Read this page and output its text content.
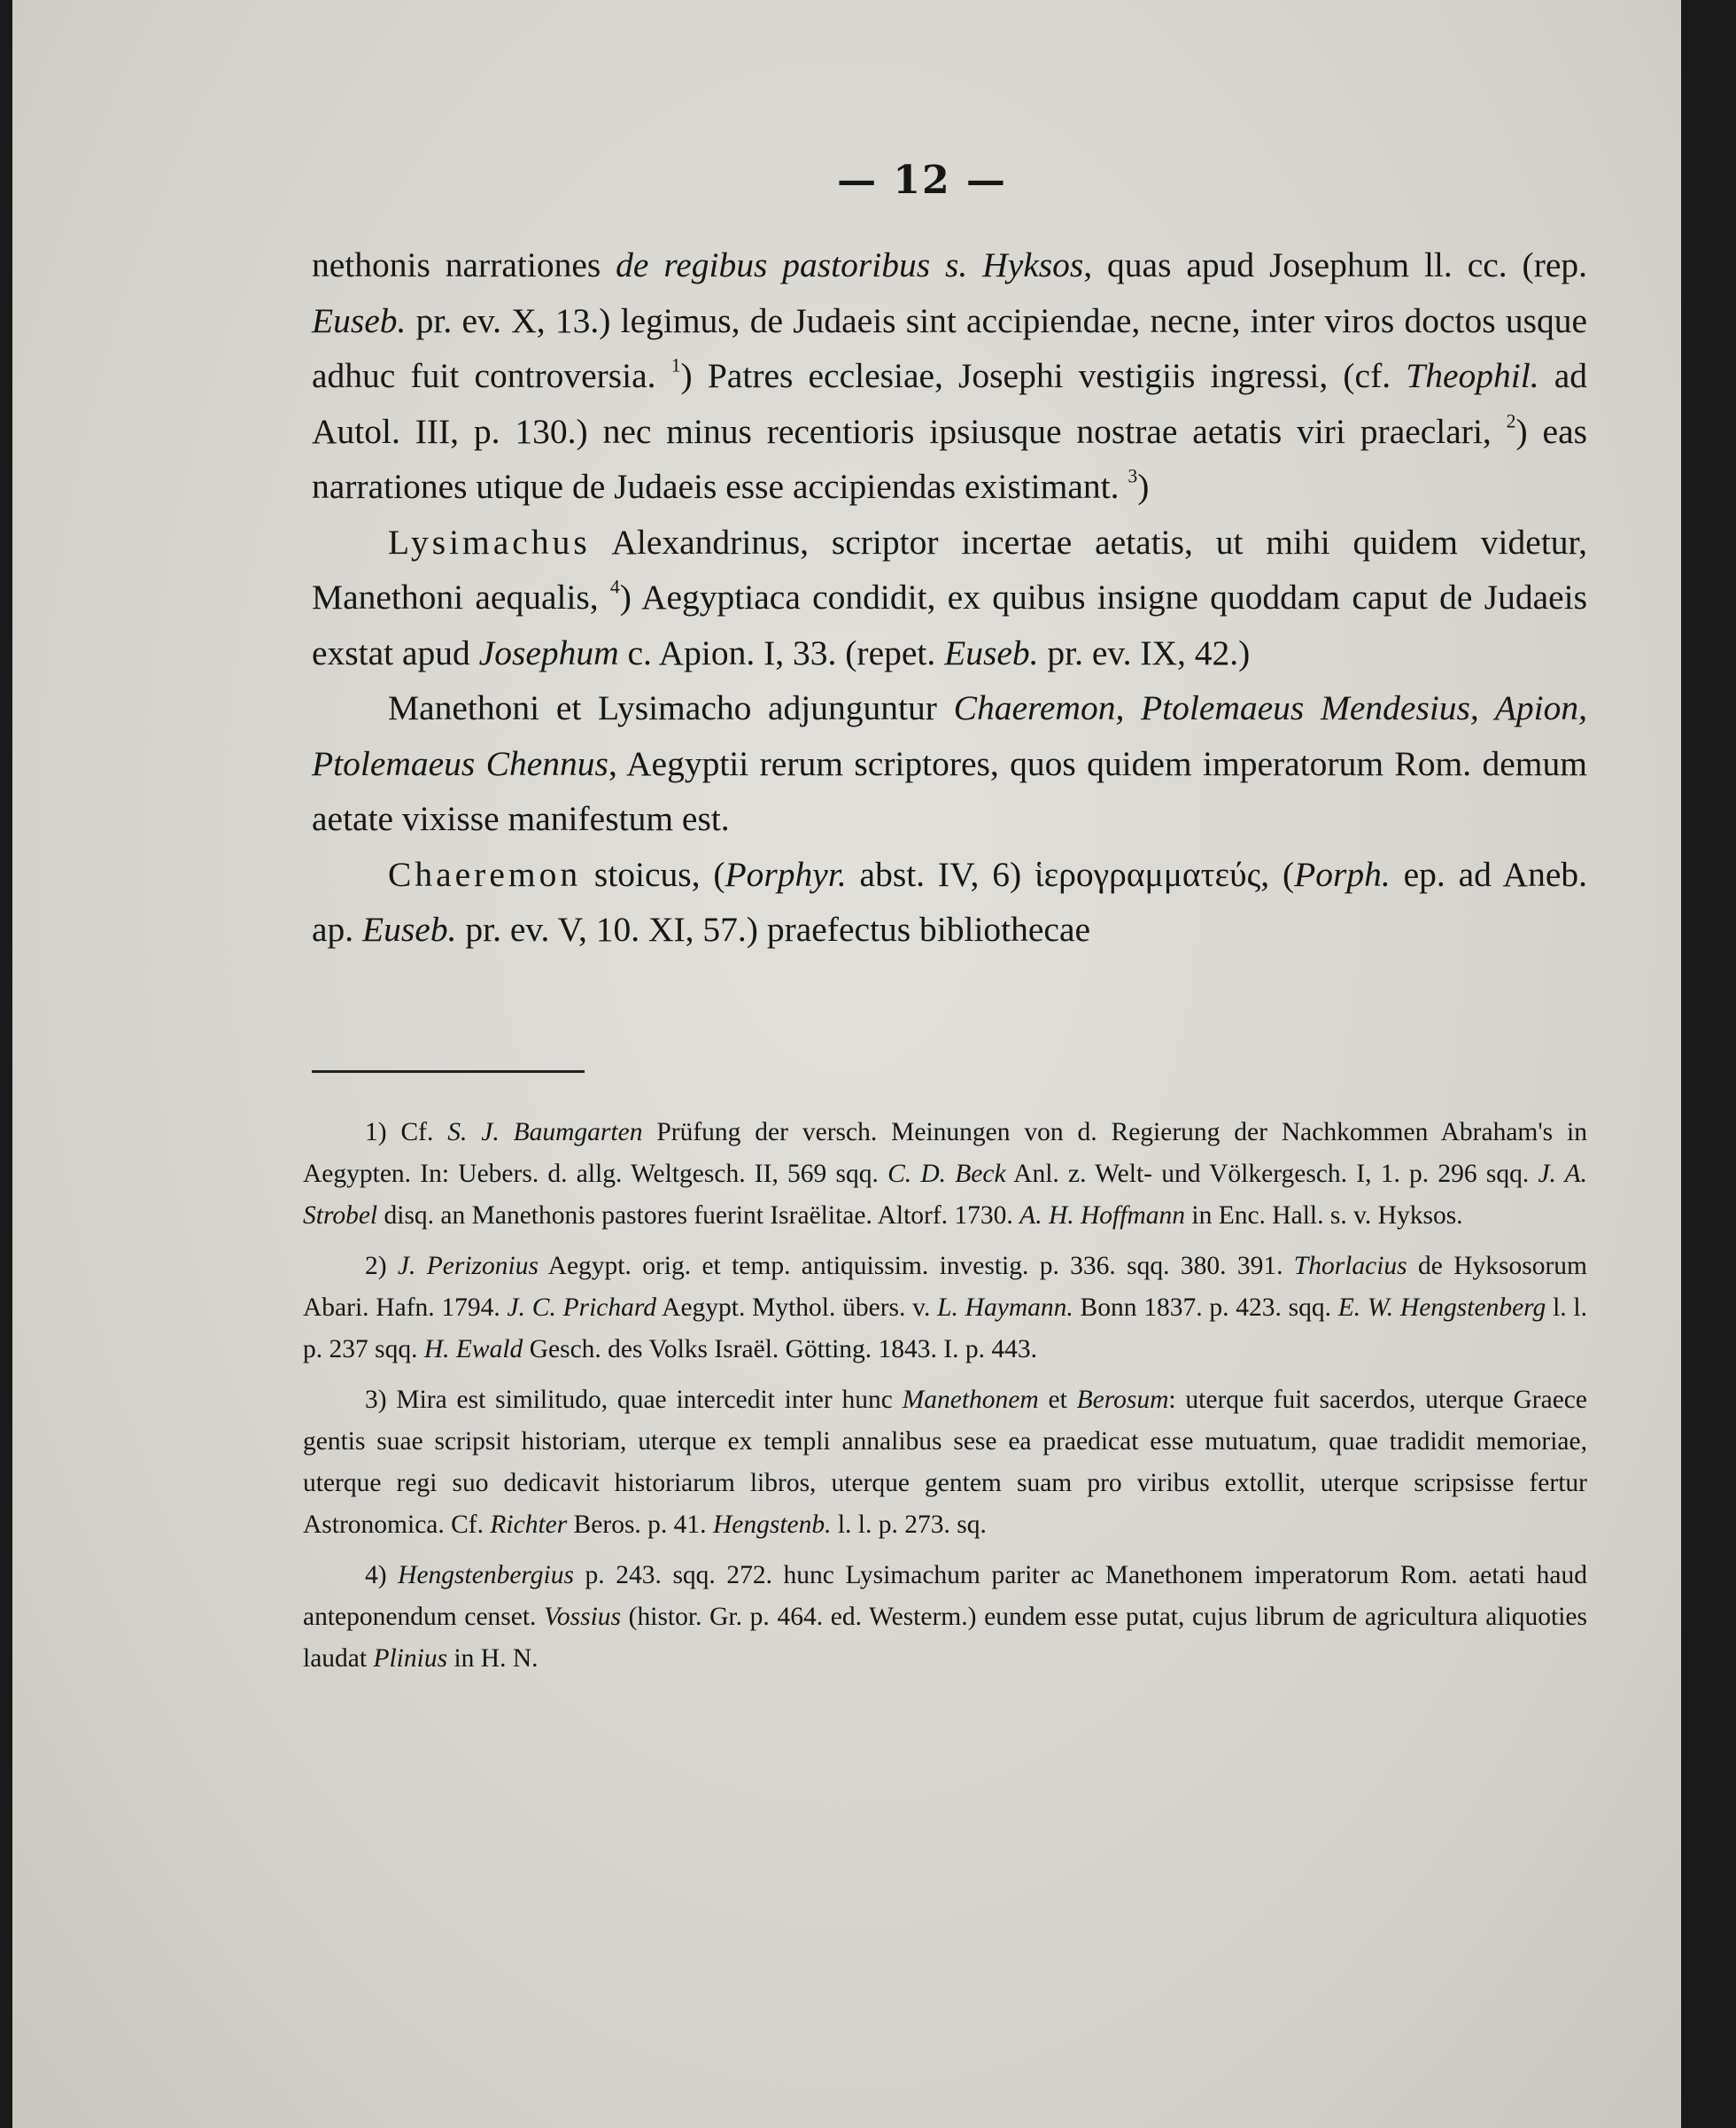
— 12 —

nethonis narrationes de regibus pastoribus s. Hyksos, quas apud Josephum ll. cc. (rep. Euseb. pr. ev. X, 13.) legimus, de Judaeis sint accipiendae, necne, inter viros doctos usque adhuc fuit controversia. $^1$) Patres ecclesiae, Josephi vestigiis ingressi, (cf. Theophil. ad Autol. III, p. 130.) nec minus recentioris ipsiusque nostrae aetatis viri praeclari, $^2$) eas narrationes utique de Judaeis esse accipiendas existimant. $^3$)

Lysimachus Alexandrinus, scriptor incertae aetatis, ut mihi quidem videtur, Manethoni aequalis, $^4$) Aegyptiaca condidit, ex quibus insigne quoddam caput de Judaeis exstat apud Josephum c. Apion. I, 33. (repet. Euseb. pr. ev. IX, 42.)

Manethoni et Lysimacho adjunguntur Chaeremon, Ptolemaeus Mendesius, Apion, Ptolemaeus Chennus, Aegyptii rerum scriptores, quos quidem imperatorum Rom. demum aetate vixisse manifestum est.

Chaeremon stoicus, (Porphyr. abst. IV, 6) ἱερογραμματεύς, (Porph. ep. ad Aneb. ap. Euseb. pr. ev. V, 10. XI, 57.) praefectus bibliothecae

1) Cf. S. J. Baumgarten Prüfung der versch. Meinungen von d. Regierung der Nachkommen Abraham's in Aegypten. In: Uebers. d. allg. Weltgesch. II, 569 sqq. C. D. Beck Anl. z. Welt- und Völkergesch. I, 1. p. 296 sqq. J. A. Strobel disq. an Manethonis pastores fuerint Israëlitae. Altorf. 1730. A. H. Hoffmann in Enc. Hall. s. v. Hyksos.

2) J. Perizonius Aegypt. orig. et temp. antiquissim. investig. p. 336. sqq. 380. 391. Thorlacius de Hyksosorum Abari. Hafn. 1794. J. C. Prichard Aegypt. Mythol. übers. v. L. Haymann. Bonn 1837. p. 423. sqq. E. W. Hengstenberg l. l. p. 237 sqq. H. Ewald Gesch. des Volks Israël. Götting. 1843. I. p. 443.

3) Mira est similitudo, quae intercedit inter hunc Manethonem et Berosum: uterque fuit sacerdos, uterque Graece gentis suae scripsit historiam, uterque ex templi annalibus sese ea praedicat esse mutuatum, quae tradidit memoriae, uterque regi suo dedicavit historiarum libros, uterque gentem suam pro viribus extollit, uterque scripsisse fertur Astronomica. Cf. Richter Beros. p. 41. Hengstenb. l. l. p. 273. sq.

4) Hengstenbergius p. 243. sqq. 272. hunc Lysimachum pariter ac Manethonem imperatorum Rom. aetati haud anteponendum censet. Vossius (histor. Gr. p. 464. ed. Westerm.) eundem esse putat, cujus librum de agricultura aliquoties laudat Plinius in H. N.
